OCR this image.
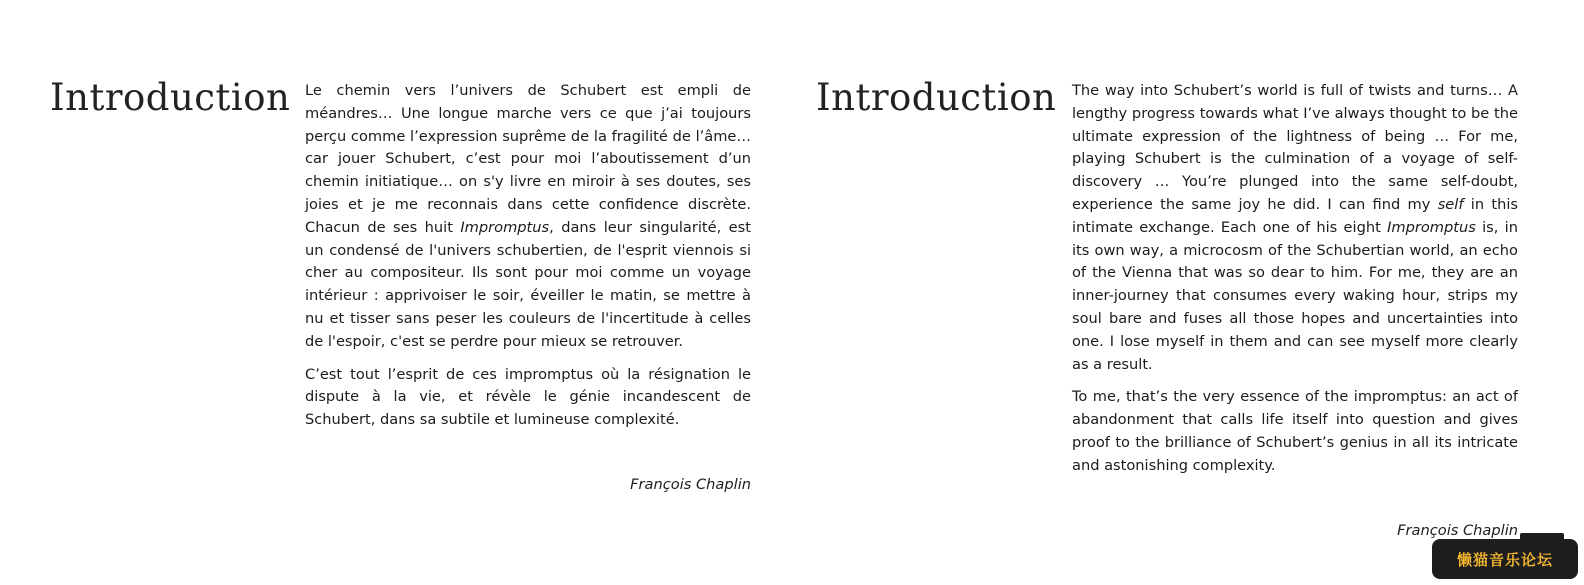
Introduction Le chemin vers l’univers de Schubert est empli de méandres… Une longue marche vers ce que j’ai toujours perçu comme l’expression suprême de la fragilité de l’âme… car jouer Schubert, c’est pour moi l’aboutissement d’un chemin initiatique… on s'y livre en miroir à ses doutes, ses joies et je me reconnais dans cette confidence discrète. Chacun de ses huit Impromptus, dans leur singularité, est un condensé de l'univers schubertien, de l'esprit viennois si cher au compositeur. Ils sont pour moi comme un voyage intérieur : apprivoiser le soir, éveiller le matin, se mettre à nu et tisser sans peser les couleurs de l'incertitude à celles de l'espoir, c'est se perdre pour mieux se retrouver.

C’est tout l’esprit de ces impromptus où la résignation le dispute à la vie, et révèle le génie incandescent de Schubert, dans sa subtile et lumineuse complexité.

François Chaplin
Introduction The way into Schubert’s world is full of twists and turns… A lengthy progress towards what I’ve always thought to be the ultimate expression of the lightness of being … For me, playing Schubert is the culmination of a voyage of self-discovery … You’re plunged into the same self-doubt, experience the same joy he did. I can find my self in this intimate exchange. Each one of his eight Impromptus is, in its own way, a microcosm of the Schubertian world, an echo of the Vienna that was so dear to him. For me, they are an inner-journey that consumes every waking hour, strips my soul bare and fuses all those hopes and uncertainties into one. I lose myself in them and can see myself more clearly as a result.

To me, that’s the very essence of the impromptus: an act of abandonment that calls life itself into question and gives proof to the brilliance of Schubert’s genius in all its intricate and astonishing complexity.

François Chaplin
懒猫音乐论坛
